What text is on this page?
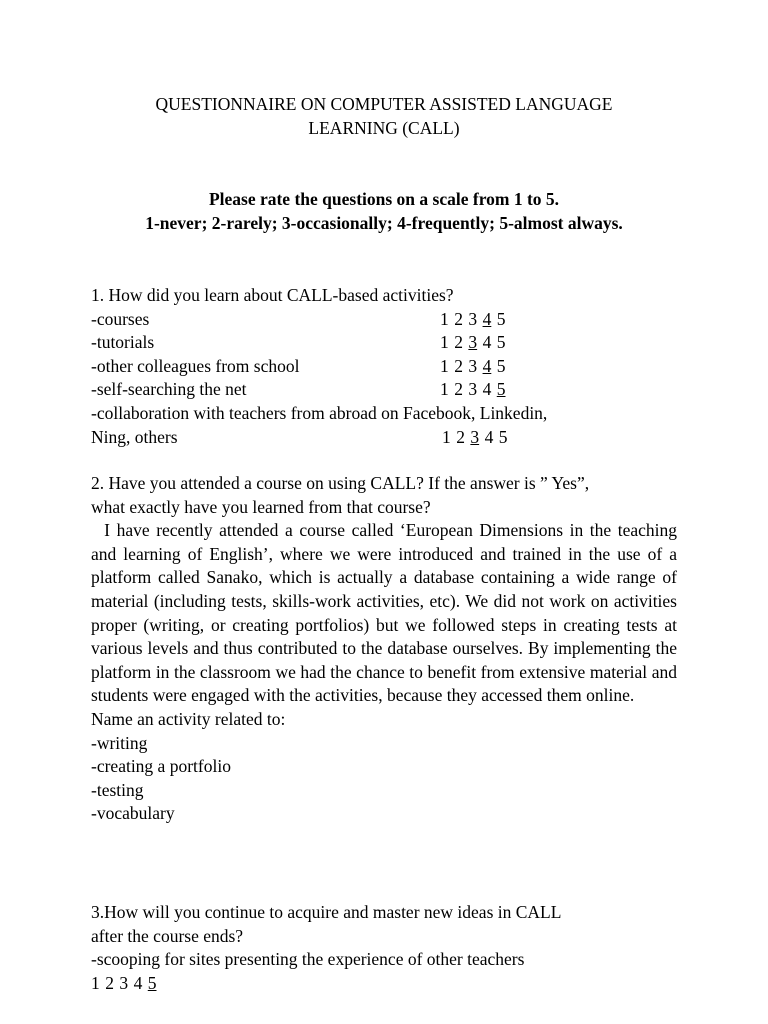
QUESTIONNAIRE ON COMPUTER ASSISTED LANGUAGE
LEARNING (CALL)
Please rate the questions on a scale from 1 to 5.
1-never; 2-rarely; 3-occasionally; 4-frequently; 5-almost always.
1. How did you learn about CALL-based activities?
-courses	1 2 3 4 5
-tutorials	1 2 3 4 5
-other colleagues from school	1 2 3 4 5
-self-searching the net	1 2 3 4 5
-collaboration with teachers from abroad on Facebook, Linkedin,
Ning, others	1 2 3 4 5
2. Have you attended a course on using CALL? If the answer is ” Yes”,
what exactly have you learned from that course?
I have recently attended a course called ‘European Dimensions in the teaching and learning of English’, where we were introduced and trained in the use of a platform called Sanako, which is actually a database containing a wide range of material (including tests, skills-work activities, etc). We did not work on activities proper (writing, or creating portfolios) but we followed steps in creating tests at various levels and thus contributed to the database ourselves. By implementing the platform in the classroom we had the chance to benefit from extensive material and students were engaged with the activities, because they accessed them online.
Name an activity related to:
-writing
-creating a portfolio
-testing
-vocabulary
3.How will you continue to acquire and master new ideas in CALL
after the course ends?
-scooping for sites presenting the experience of other teachers
1 2 3 4 5
